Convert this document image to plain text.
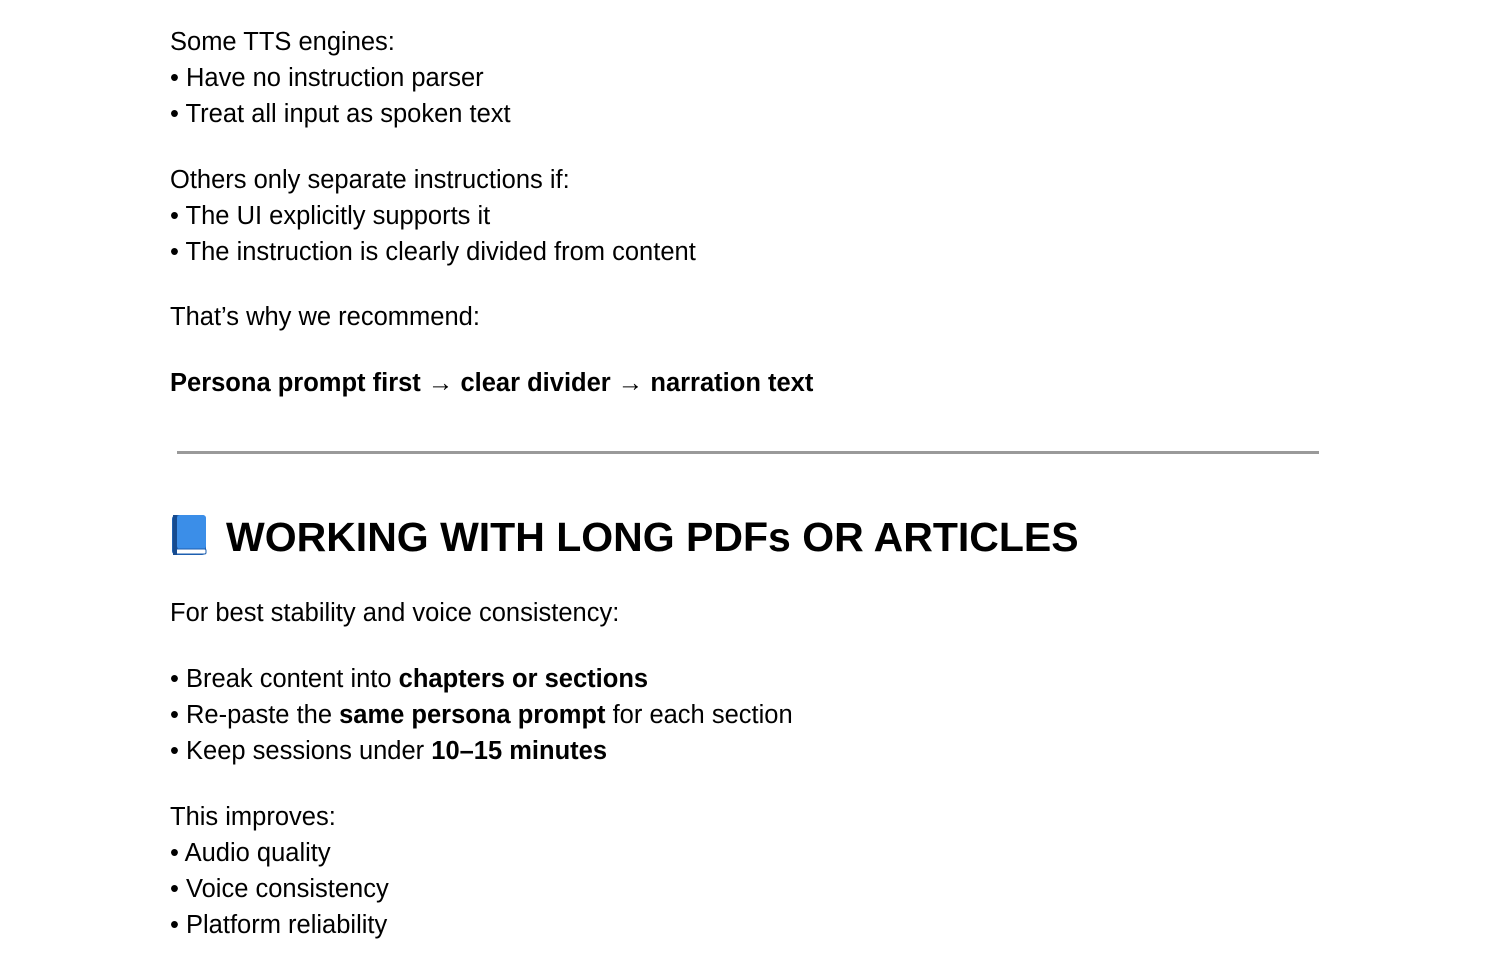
Some TTS engines:
• Have no instruction parser
• Treat all input as spoken text
Others only separate instructions if:
• The UI explicitly supports it
• The instruction is clearly divided from content
That’s why we recommend:
Persona prompt first → clear divider → narration text
WORKING WITH LONG PDFs OR ARTICLES
For best stability and voice consistency:
• Break content into chapters or sections
• Re-paste the same persona prompt for each section
• Keep sessions under 10–15 minutes
This improves:
• Audio quality
• Voice consistency
• Platform reliability
